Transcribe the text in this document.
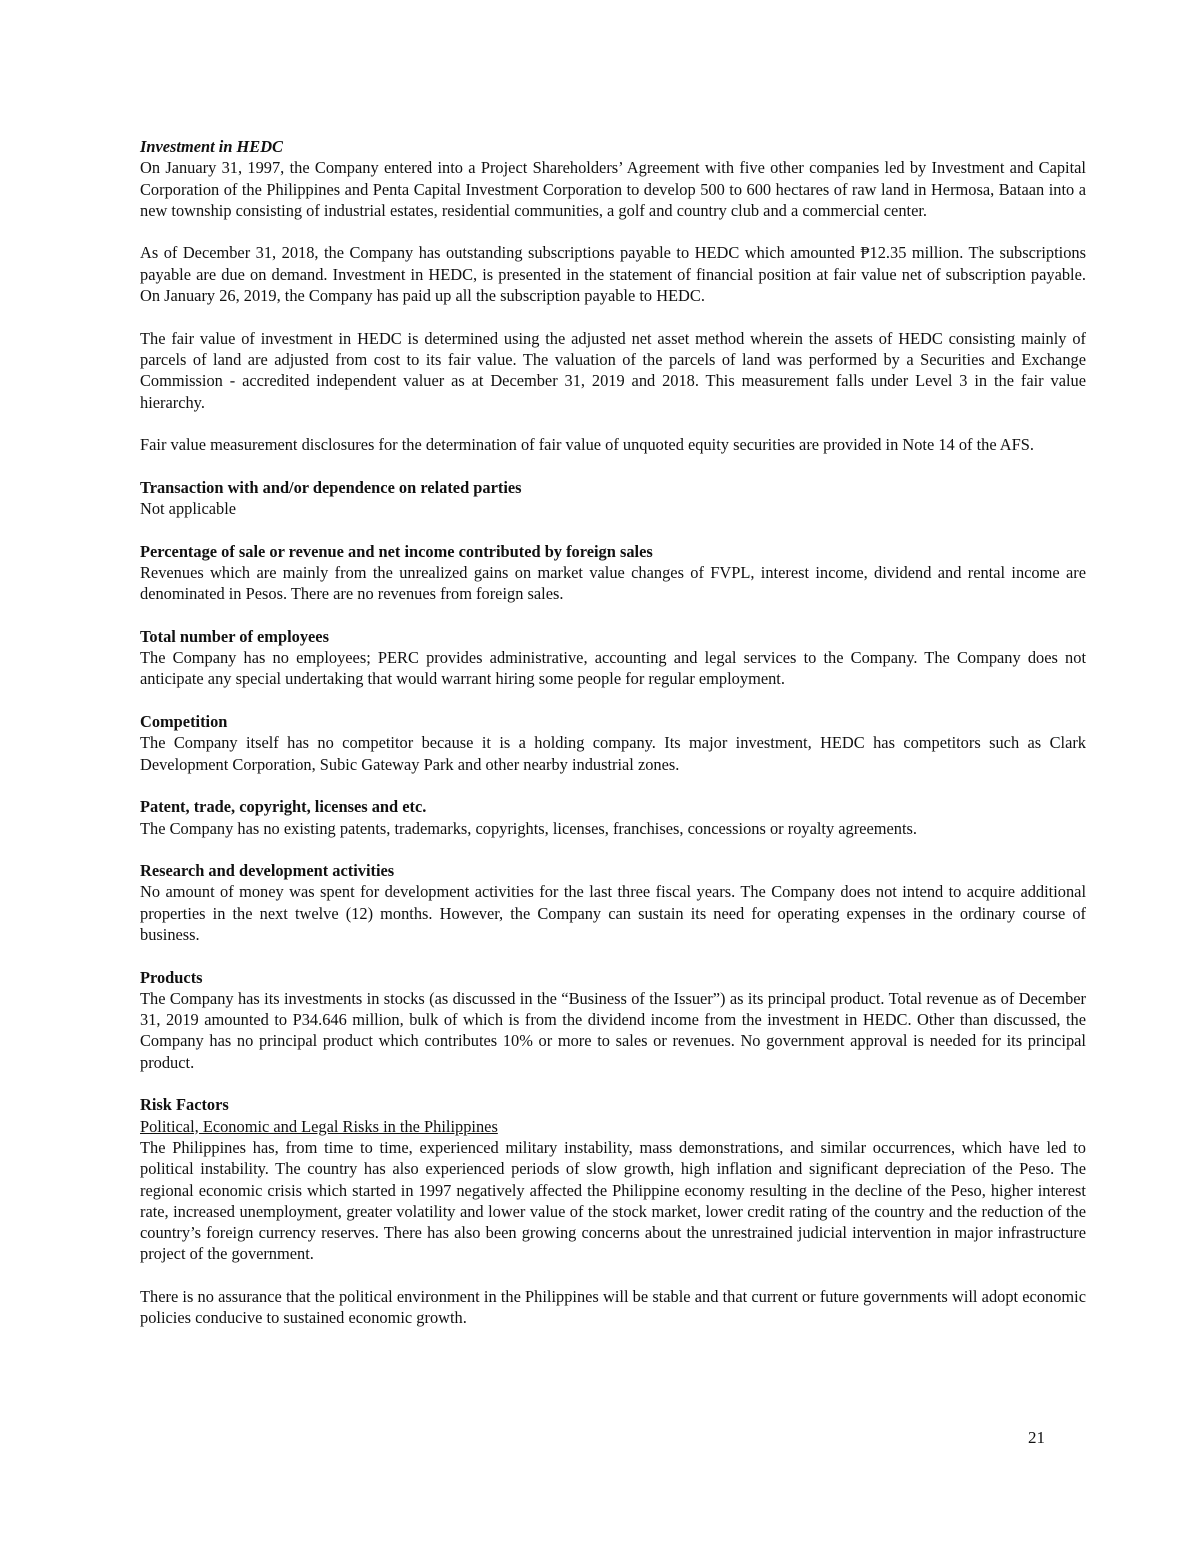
Investment in HEDC

On January 31, 1997, the Company entered into a Project Shareholders’ Agreement with five other companies led by Investment and Capital Corporation of the Philippines and Penta Capital Investment Corporation to develop 500 to 600 hectares of raw land in Hermosa, Bataan into a new township consisting of industrial estates, residential communities, a golf and country club and a commercial center.

As of December 31, 2018, the Company has outstanding subscriptions payable to HEDC which amounted ₱12.35 million. The subscriptions payable are due on demand. Investment in HEDC, is presented in the statement of financial position at fair value net of subscription payable. On January 26, 2019, the Company has paid up all the subscription payable to HEDC.

The fair value of investment in HEDC is determined using the adjusted net asset method wherein the assets of HEDC consisting mainly of parcels of land are adjusted from cost to its fair value. The valuation of the parcels of land was performed by a Securities and Exchange Commission - accredited independent valuer as at December 31, 2019 and 2018. This measurement falls under Level 3 in the fair value hierarchy.

Fair value measurement disclosures for the determination of fair value of unquoted equity securities are provided in Note 14 of the AFS.

Transaction with and/or dependence on related parties

Not applicable

Percentage of sale or revenue and net income contributed by foreign sales

Revenues which are mainly from the unrealized gains on market value changes of FVPL, interest income, dividend and rental income are denominated in Pesos. There are no revenues from foreign sales.

Total number of employees

The Company has no employees; PERC provides administrative, accounting and legal services to the Company. The Company does not anticipate any special undertaking that would warrant hiring some people for regular employment.

Competition

The Company itself has no competitor because it is a holding company. Its major investment, HEDC has competitors such as Clark Development Corporation, Subic Gateway Park and other nearby industrial zones.

Patent, trade, copyright, licenses and etc.

The Company has no existing patents, trademarks, copyrights, licenses, franchises, concessions or royalty agreements.

Research and development activities

No amount of money was spent for development activities for the last three fiscal years. The Company does not intend to acquire additional properties in the next twelve (12) months. However, the Company can sustain its need for operating expenses in the ordinary course of business.

Products

The Company has its investments in stocks (as discussed in the “Business of the Issuer”) as its principal product. Total revenue as of December 31, 2019 amounted to P34.646 million, bulk of which is from the dividend income from the investment in HEDC. Other than discussed, the Company has no principal product which contributes 10% or more to sales or revenues. No government approval is needed for its principal product.

Risk Factors
Political, Economic and Legal Risks in the Philippines

The Philippines has, from time to time, experienced military instability, mass demonstrations, and similar occurrences, which have led to political instability. The country has also experienced periods of slow growth, high inflation and significant depreciation of the Peso. The regional economic crisis which started in 1997 negatively affected the Philippine economy resulting in the decline of the Peso, higher interest rate, increased unemployment, greater volatility and lower value of the stock market, lower credit rating of the country and the reduction of the country’s foreign currency reserves. There has also been growing concerns about the unrestrained judicial intervention in major infrastructure project of the government.

There is no assurance that the political environment in the Philippines will be stable and that current or future governments will adopt economic policies conducive to sustained economic growth.

21
